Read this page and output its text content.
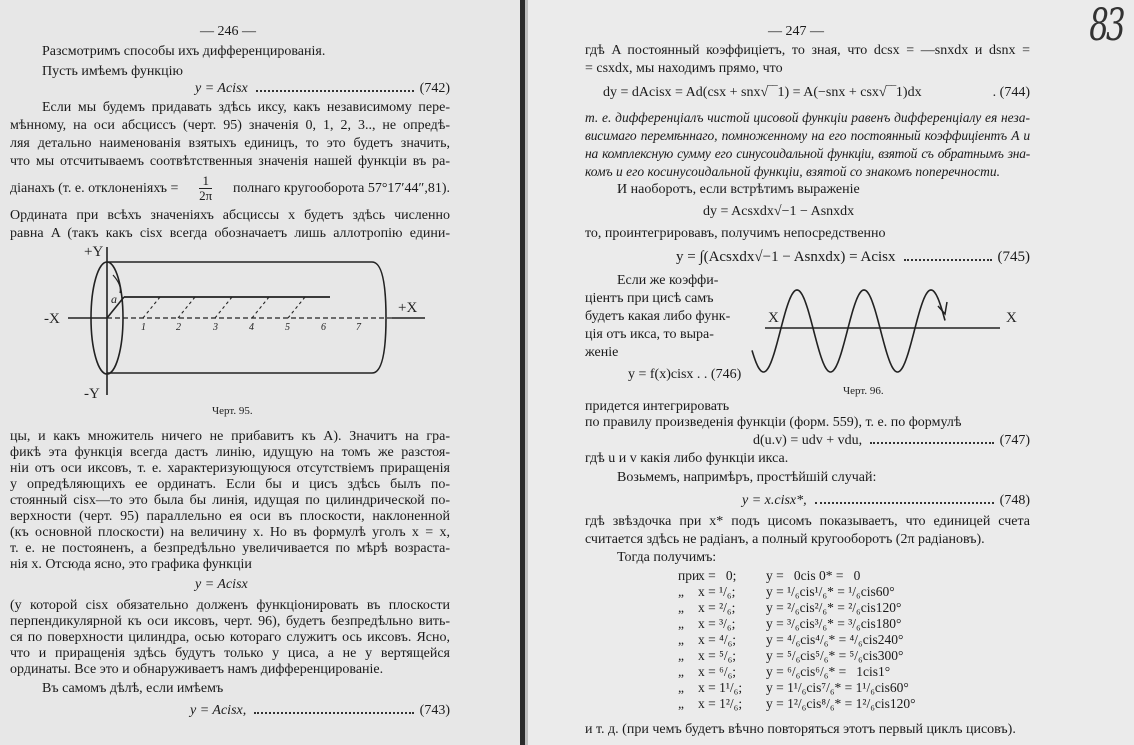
— 246 —
Разсмотримъ способы ихъ дифференцированія.
Пусть имѣемъ функцію
y = Acisx	(742)
Если мы будемъ придавать здѣсь иксу, какъ независимому пере-
мѣнному, на оси абсциссъ (черт. 95) значенія 0, 1, 2, 3.., не опредѣ-
ляя детально наименованія взятыхъ единицъ, то это будетъ значить,
что мы отсчитываемъ соотвѣтственныя значенія нашей функціи въ ра-
діанахъ (т. е. отклоненіяхъ = $\frac{1}{2\pi}$ полнаго кругооборота 57°17′44″,81).
Ордината при всѣхъ значеніяхъ абсциссы x будетъ здѣсь численно
равна A (такъ какъ cisx всегда обозначаетъ лишь аллотропію едини-
+Y
-Y
-X
+X
a
1	2	3	4	5	6	7
Черт. 95.
цы, и какъ множитель ничего не прибавитъ къ A). Значитъ на гра-
фикѣ эта функція всегда дастъ линію, идущую на томъ же разстоя-
ніи отъ оси иксовъ, т. е. характеризующуюся отсутствіемъ приращенія
у опредѣляющихъ ее ординатъ. Если бы и цисъ здѣсь былъ по-
стоянный cisx—то это была бы линія, идущая по цилиндрической по-
верхности (черт. 95) параллельно ея оси въ плоскости, наклоненной
(къ основной плоскости) на величину x. Но въ формулѣ уголъ x = x,
т. е. не постояненъ, а безпредѣльно увеличивается по мѣрѣ возраста-
нія x. Отсюда ясно, это графика функціи
y = Acisx
(у которой cisx обязательно долженъ функціонировать въ плоскости
перпендикулярной къ оси иксовъ, черт. 96), будетъ безпредѣльно вить-
ся по поверхности цилиндра, осью котораго служитъ ось иксовъ. Ясно,
что и приращенія здѣсь будутъ только у циса, а не у вертящейся
ординаты. Все это и обнаруживаетъ намъ дифференцированіе.
Въ самомъ дѣлѣ, если имѣемъ
y = Acisx,	(743)
— 247 —
гдѣ A постоянный коэффиціетъ, то зная, что dcsx = —snxdx и dsnx =
= csxdx, мы находимъ прямо, что
dy = dAcisx = Ad(csx + snx√‾‾1) = A(−snx + csx√‾‾1)dx	. (744)
т. е. дифференціалъ чистой цисовой функціи равенъ дифференціалу ея неза-
висимаго перемѣннаго, помноженному на его постоянный коэффиціентъ A и
на комплексную сумму его синусоидальной функціи, взятой съ обратнымъ зна-
комъ и его косинусоидальной функціи, взятой со знакомъ поперечности.
И наоборотъ, если встрѣтимъ выраженіе
dy = Acsxdx√−1 − Asnxdx
то, проинтегрировавъ, получимъ непосредственно
y = ∫(Acsxdx√−1 − Asnxdx) = Acisx	(745)
Если же коэффи-
ціентъ при цисѣ самъ
будетъ какая либо функ-
ція отъ икса, то выра-
женіе
y = f(x)cisx . . (746)
X	X
Черт. 96.
придется интегрировать
по правилу произведенія функціи (форм. 559), т. е. по формулѣ
d(u.v) = udv + vdu,	(747)
гдѣ u и v какія либо функціи икса.
Возьмемъ, напримѣръ, простѣйшій случай:
y = x.cisx*,	(748)
гдѣ звѣздочка при x* подъ цисомъ показываетъ, что единицей счета
считается здѣсь не радіанъ, а полный кругооборотъ (2π радіановъ).
Тогда получимъ:
при
x =   0;	y =   0cis 0* =   0
„	x = ¹/₆;	y = ¹/₆cis¹/₆* = ¹/₆cis60°
„	x = ²/₆;	y = ²/₆cis²/₆* = ²/₆cis120°
„	x = ³/₆;	y = ³/₆cis³/₆* = ³/₆cis180°
„	x = ⁴/₆;	y = ⁴/₆cis⁴/₆* = ⁴/₆cis240°
„	x = ⁵/₆;	y = ⁵/₆cis⁵/₆* = ⁵/₆cis300°
„	x = ⁶/₆;	y = ⁶/₆cis⁶/₆* =   1cis1°
„	x = 1¹/₆;	y = 1¹/₆cis⁷/₆* = 1¹/₆cis60°
„	x = 1²/₆;	y = 1²/₆cis⁸/₆* = 1²/₆cis120°
и т. д. (при чемъ будетъ вѣчно повторяться этотъ первый циклъ цисовъ).
83
